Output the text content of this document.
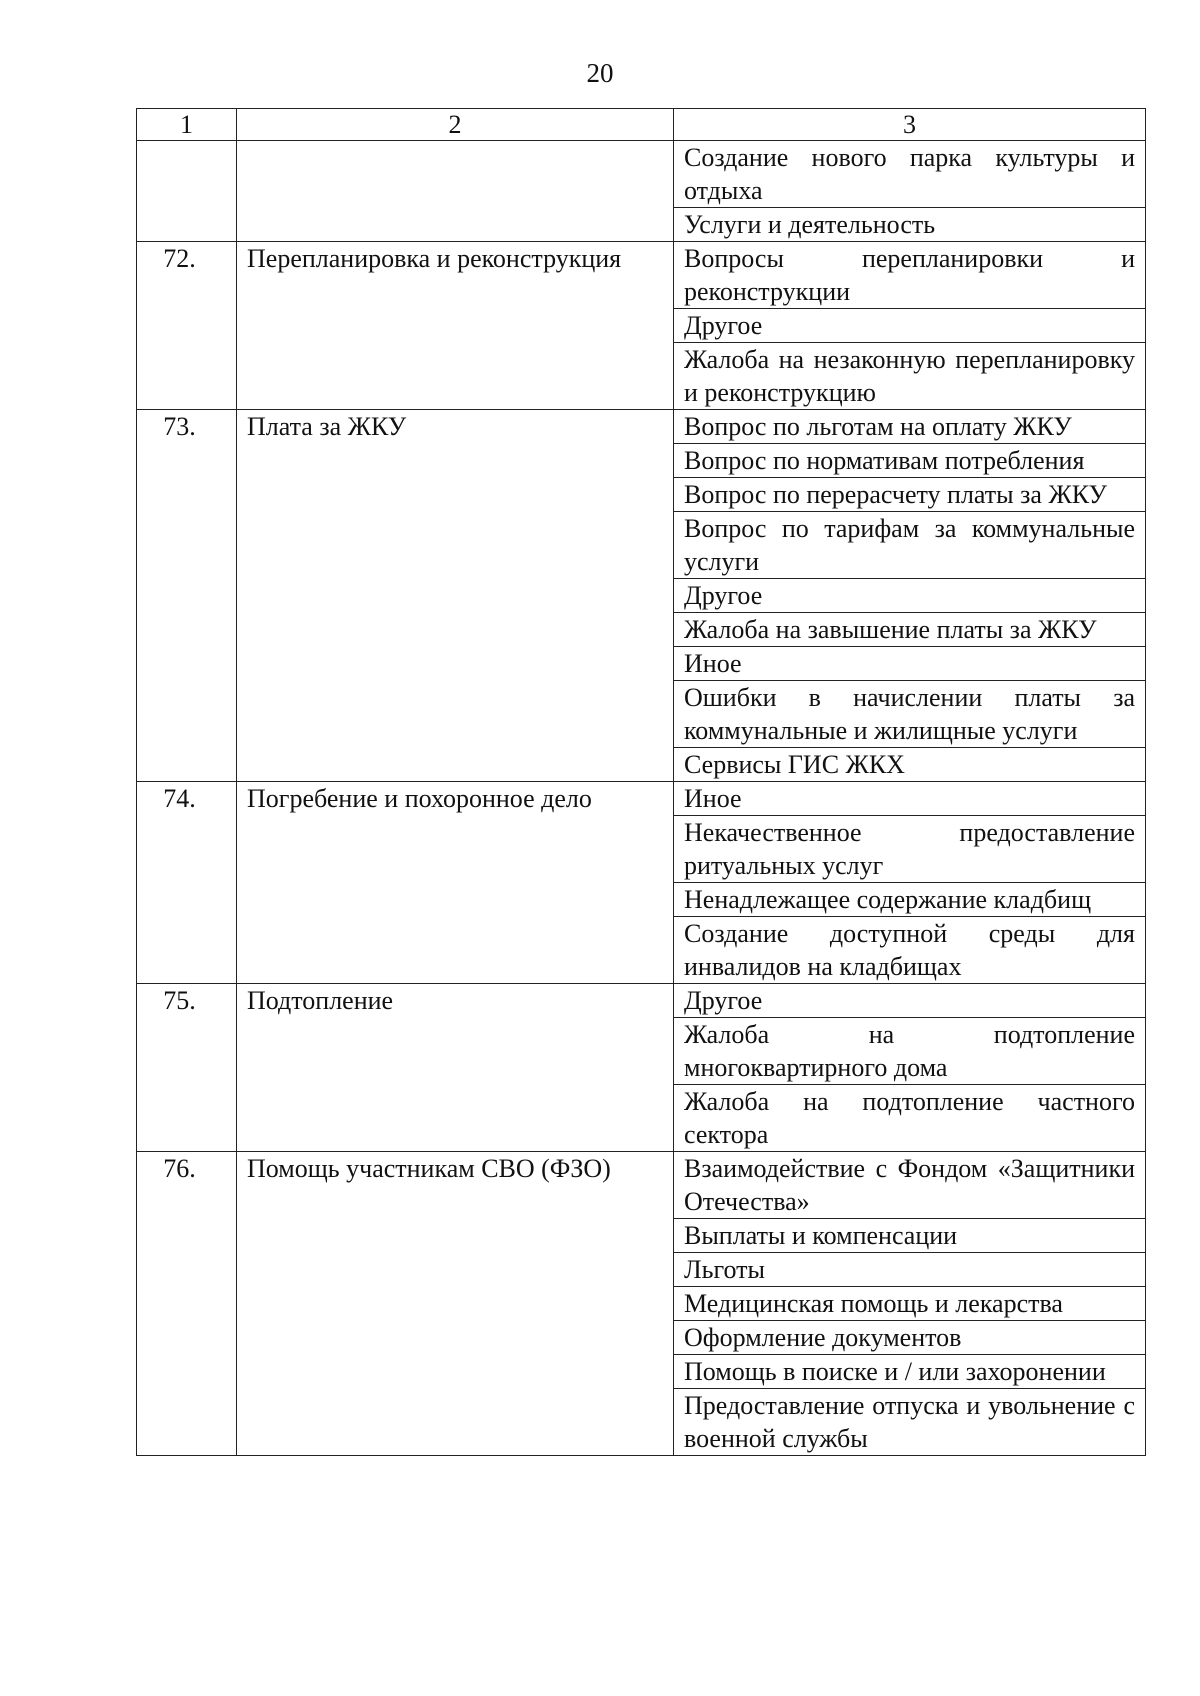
20
1	2	3
		Создание нового парка культуры и отдыха
		Услуги и деятельность
72.	Перепланировка и реконструкция	Вопросы перепланировки и реконструкции
		Другое
		Жалоба на незаконную перепланировку и реконструкцию
73.	Плата за ЖКУ	Вопрос по льготам на оплату ЖКУ
		Вопрос по нормативам потребления
		Вопрос по перерасчету платы за ЖКУ
		Вопрос по тарифам за коммунальные услуги
		Другое
		Жалоба на завышение платы за ЖКУ
		Иное
		Ошибки в начислении платы за коммунальные и жилищные услуги
		Сервисы ГИС ЖКХ
74.	Погребение и похоронное дело	Иное
		Некачественное предоставление ритуальных услуг
		Ненадлежащее содержание кладбищ
		Создание доступной среды для инвалидов на кладбищах
75.	Подтопление	Другое
		Жалоба на подтопление многоквартирного дома
		Жалоба на подтопление частного сектора
76.	Помощь участникам СВО (ФЗО)	Взаимодействие с Фондом «Защитники Отечества»
		Выплаты и компенсации
		Льготы
		Медицинская помощь и лекарства
		Оформление документов
		Помощь в поиске и / или захоронении
		Предоставление отпуска и увольнение с военной службы
